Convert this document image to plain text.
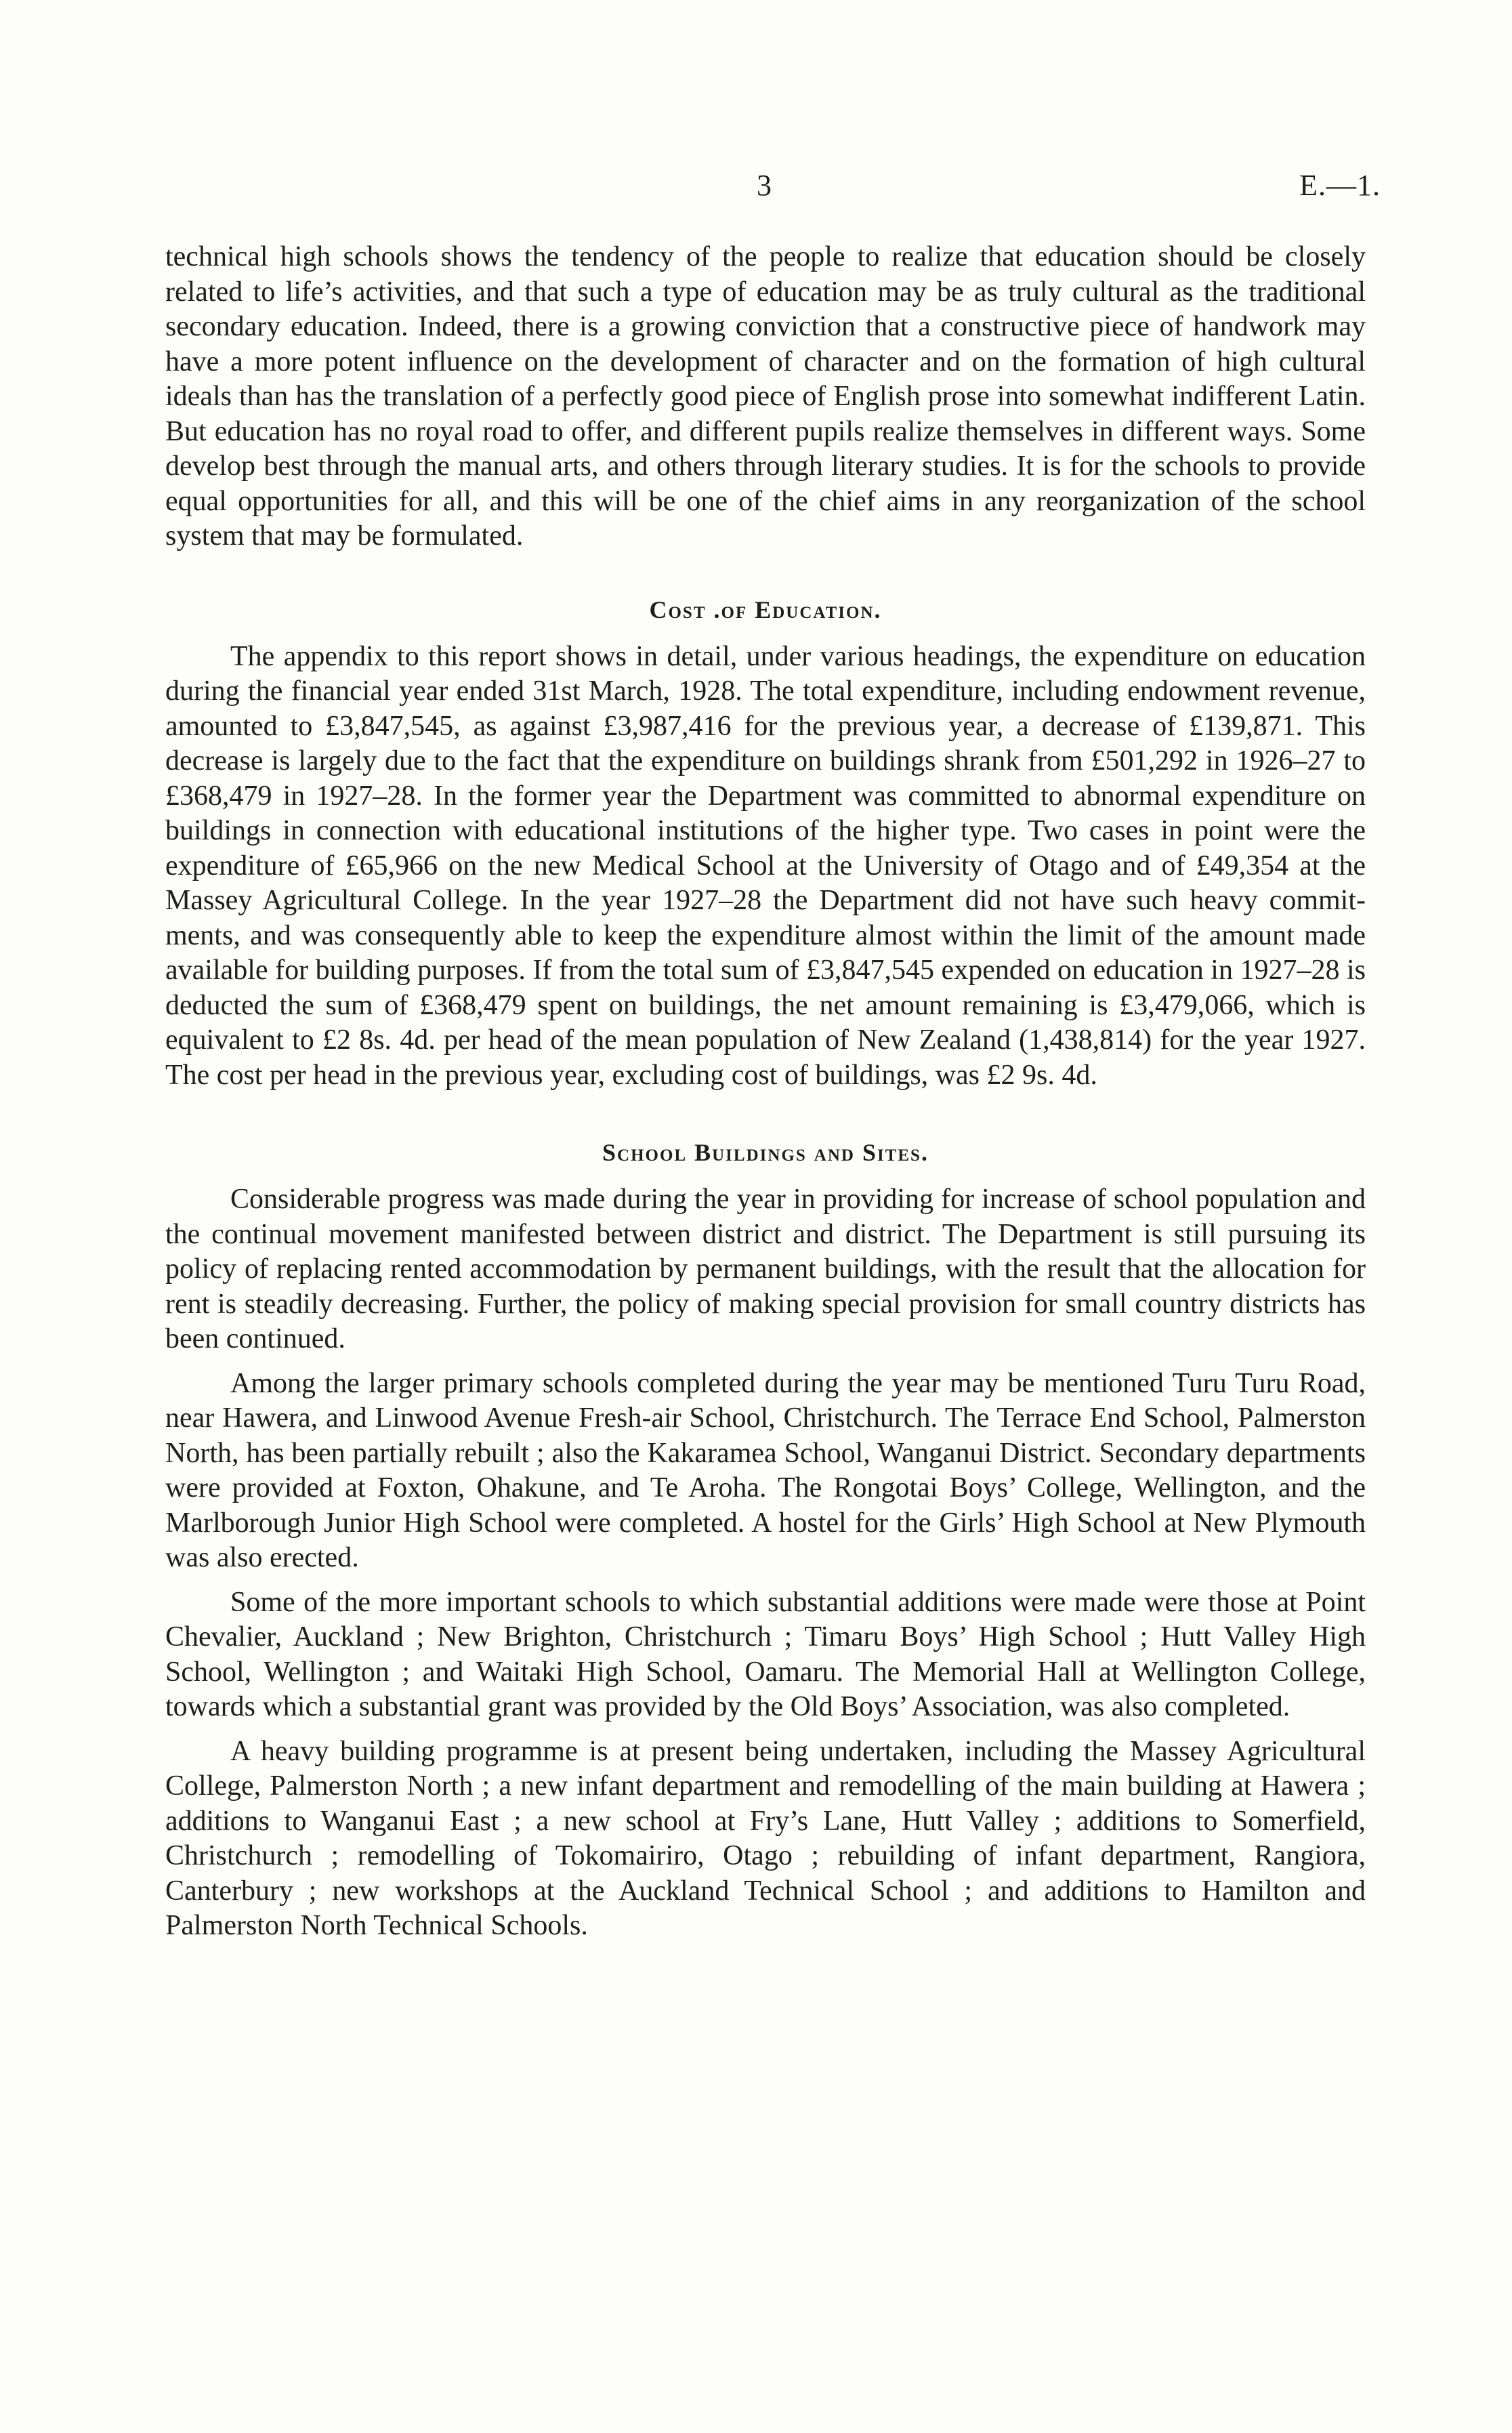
3	E.—1.

technical high schools shows the tendency of the people to realize that education should be closely related to life’s activities, and that such a type of education may be as truly cultural as the traditional secondary education. Indeed, there is a growing conviction that a constructive piece of handwork may have a more potent influence on the development of character and on the formation of high cultural ideals than has the translation of a perfectly good piece of English prose into somewhat indifferent Latin. But education has no royal road to offer, and different pupils realize themselves in different ways. Some develop best through the manual arts, and others through literary studies. It is for the schools to provide equal opportunities for all, and this will be one of the chief aims in any reorganization of the school system that may be formulated.

Cost .of Education.

The appendix to this report shows in detail, under various headings, the expenditure on education during the financial year ended 31st March, 1928. The total expenditure, including endowment revenue, amounted to £3,847,545, as against £3,987,416 for the previous year, a decrease of £139,871. This decrease is largely due to the fact that the expenditure on buildings shrank from £501,292 in 1926–27 to £368,479 in 1927–28. In the former year the Department was committed to abnormal expenditure on buildings in connection with educational institutions of the higher type. Two cases in point were the expenditure of £65,966 on the new Medical School at the University of Otago and of £49,354 at the Massey Agricultural College. In the year 1927–28 the Department did not have such heavy commitments, and was consequently able to keep the expenditure almost within the limit of the amount made available for building purposes. If from the total sum of £3,847,545 expended on education in 1927–28 is deducted the sum of £368,479 spent on buildings, the net amount remaining is £3,479,066, which is equivalent to £2 8s. 4d. per head of the mean population of New Zealand (1,438,814) for the year 1927. The cost per head in the previous year, excluding cost of buildings, was £2 9s. 4d.

School Buildings and Sites.

Considerable progress was made during the year in providing for increase of school population and the continual movement manifested between district and district. The Department is still pursuing its policy of replacing rented accommodation by permanent buildings, with the result that the allocation for rent is steadily decreasing. Further, the policy of making special provision for small country districts has been continued.

Among the larger primary schools completed during the year may be mentioned Turu Turu Road, near Hawera, and Linwood Avenue Fresh-air School, Christchurch. The Terrace End School, Palmerston North, has been partially rebuilt ; also the Kakaramea School, Wanganui District. Secondary departments were provided at Foxton, Ohakune, and Te Aroha. The Rongotai Boys’ College, Wellington, and the Marlborough Junior High School were completed. A hostel for the Girls’ High School at New Plymouth was also erected.

Some of the more important schools to which substantial additions were made were those at Point Chevalier, Auckland ; New Brighton, Christchurch ; Timaru Boys’ High School ; Hutt Valley High School, Wellington ; and Waitaki High School, Oamaru. The Memorial Hall at Wellington College, towards which a substantial grant was provided by the Old Boys’ Association, was also completed.

A heavy building programme is at present being undertaken, including the Massey Agricultural College, Palmerston North ; a new infant department and remodelling of the main building at Hawera ; additions to Wanganui East ; a new school at Fry’s Lane, Hutt Valley ; additions to Somerfield, Christchurch ; remodelling of Tokomairiro, Otago ; rebuilding of infant department, Rangiora, Canterbury ; new workshops at the Auckland Technical School ; and additions to Hamilton and Palmerston North Technical Schools.
